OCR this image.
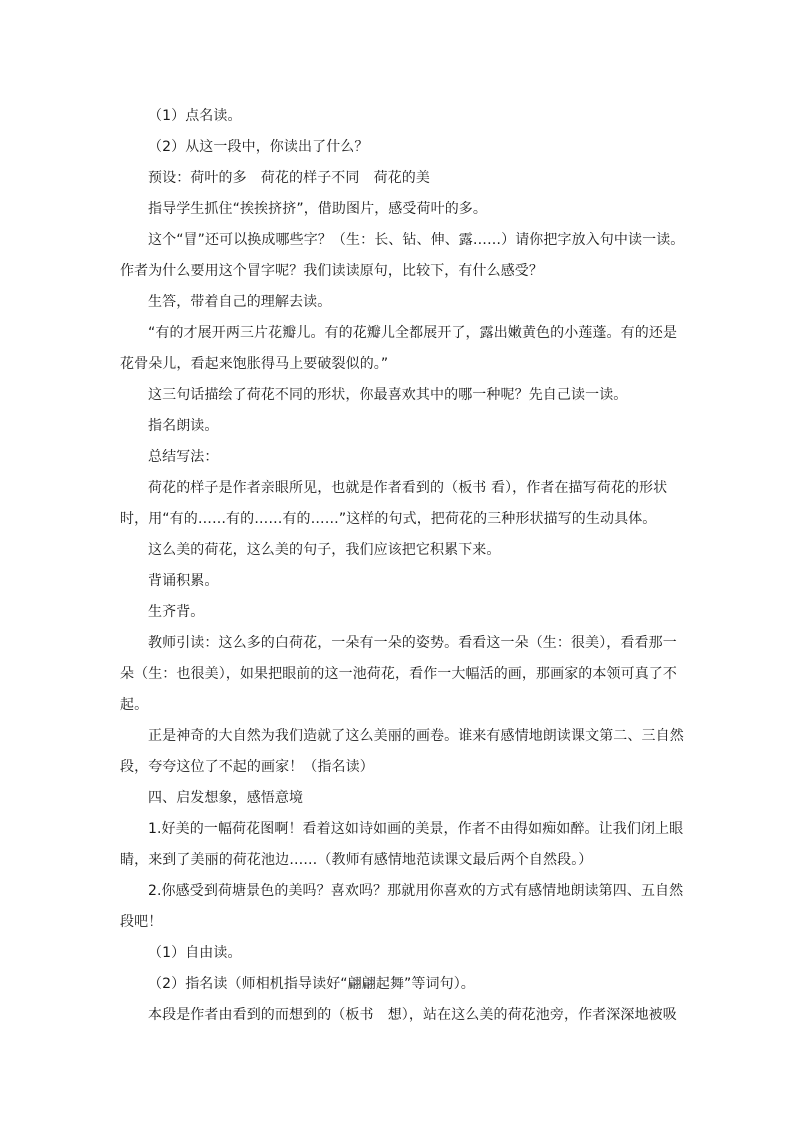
（1）点名读。
（2）从这一段中，你读出了什么？
预设：荷叶的多　荷花的样子不同　荷花的美
指导学生抓住“挨挨挤挤”，借助图片，感受荷叶的多。
这个“冒”还可以换成哪些字？（生：长、钻、伸、露……）请你把字放入句中读一读。
作者为什么要用这个冒字呢？我们读读原句，比较下，有什么感受？
生答，带着自己的理解去读。
“有的才展开两三片花瓣儿。有的花瓣儿全都展开了，露出嫩黄色的小莲蓬。有的还是
花骨朵儿，看起来饱胀得马上要破裂似的。”
这三句话描绘了荷花不同的形状，你最喜欢其中的哪一种呢？先自己读一读。
指名朗读。
总结写法：
荷花的样子是作者亲眼所见，也就是作者看到的（板书 看），作者在描写荷花的形状
时，用“有的……有的……有的……”这样的句式，把荷花的三种形状描写的生动具体。
这么美的荷花，这么美的句子，我们应该把它积累下来。
背诵积累。
生齐背。
教师引读：这么多的白荷花，一朵有一朵的姿势。看看这一朵（生：很美），看看那一
朵（生：也很美），如果把眼前的这一池荷花，看作一大幅活的画，那画家的本领可真了不
起。
正是神奇的大自然为我们造就了这么美丽的画卷。谁来有感情地朗读课文第二、三自然
段，夸夸这位了不起的画家！（指名读）
四、启发想象，感悟意境
1.好美的一幅荷花图啊！看着这如诗如画的美景，作者不由得如痴如醉。让我们闭上眼
睛，来到了美丽的荷花池边……（教师有感情地范读课文最后两个自然段。）
2.你感受到荷塘景色的美吗？喜欢吗？那就用你喜欢的方式有感情地朗读第四、五自然
段吧！
（1）自由读。
（2）指名读（师相机指导读好“翩翩起舞”等词句）。
本段是作者由看到的而想到的（板书　想），站在这么美的荷花池旁，作者深深地被吸
